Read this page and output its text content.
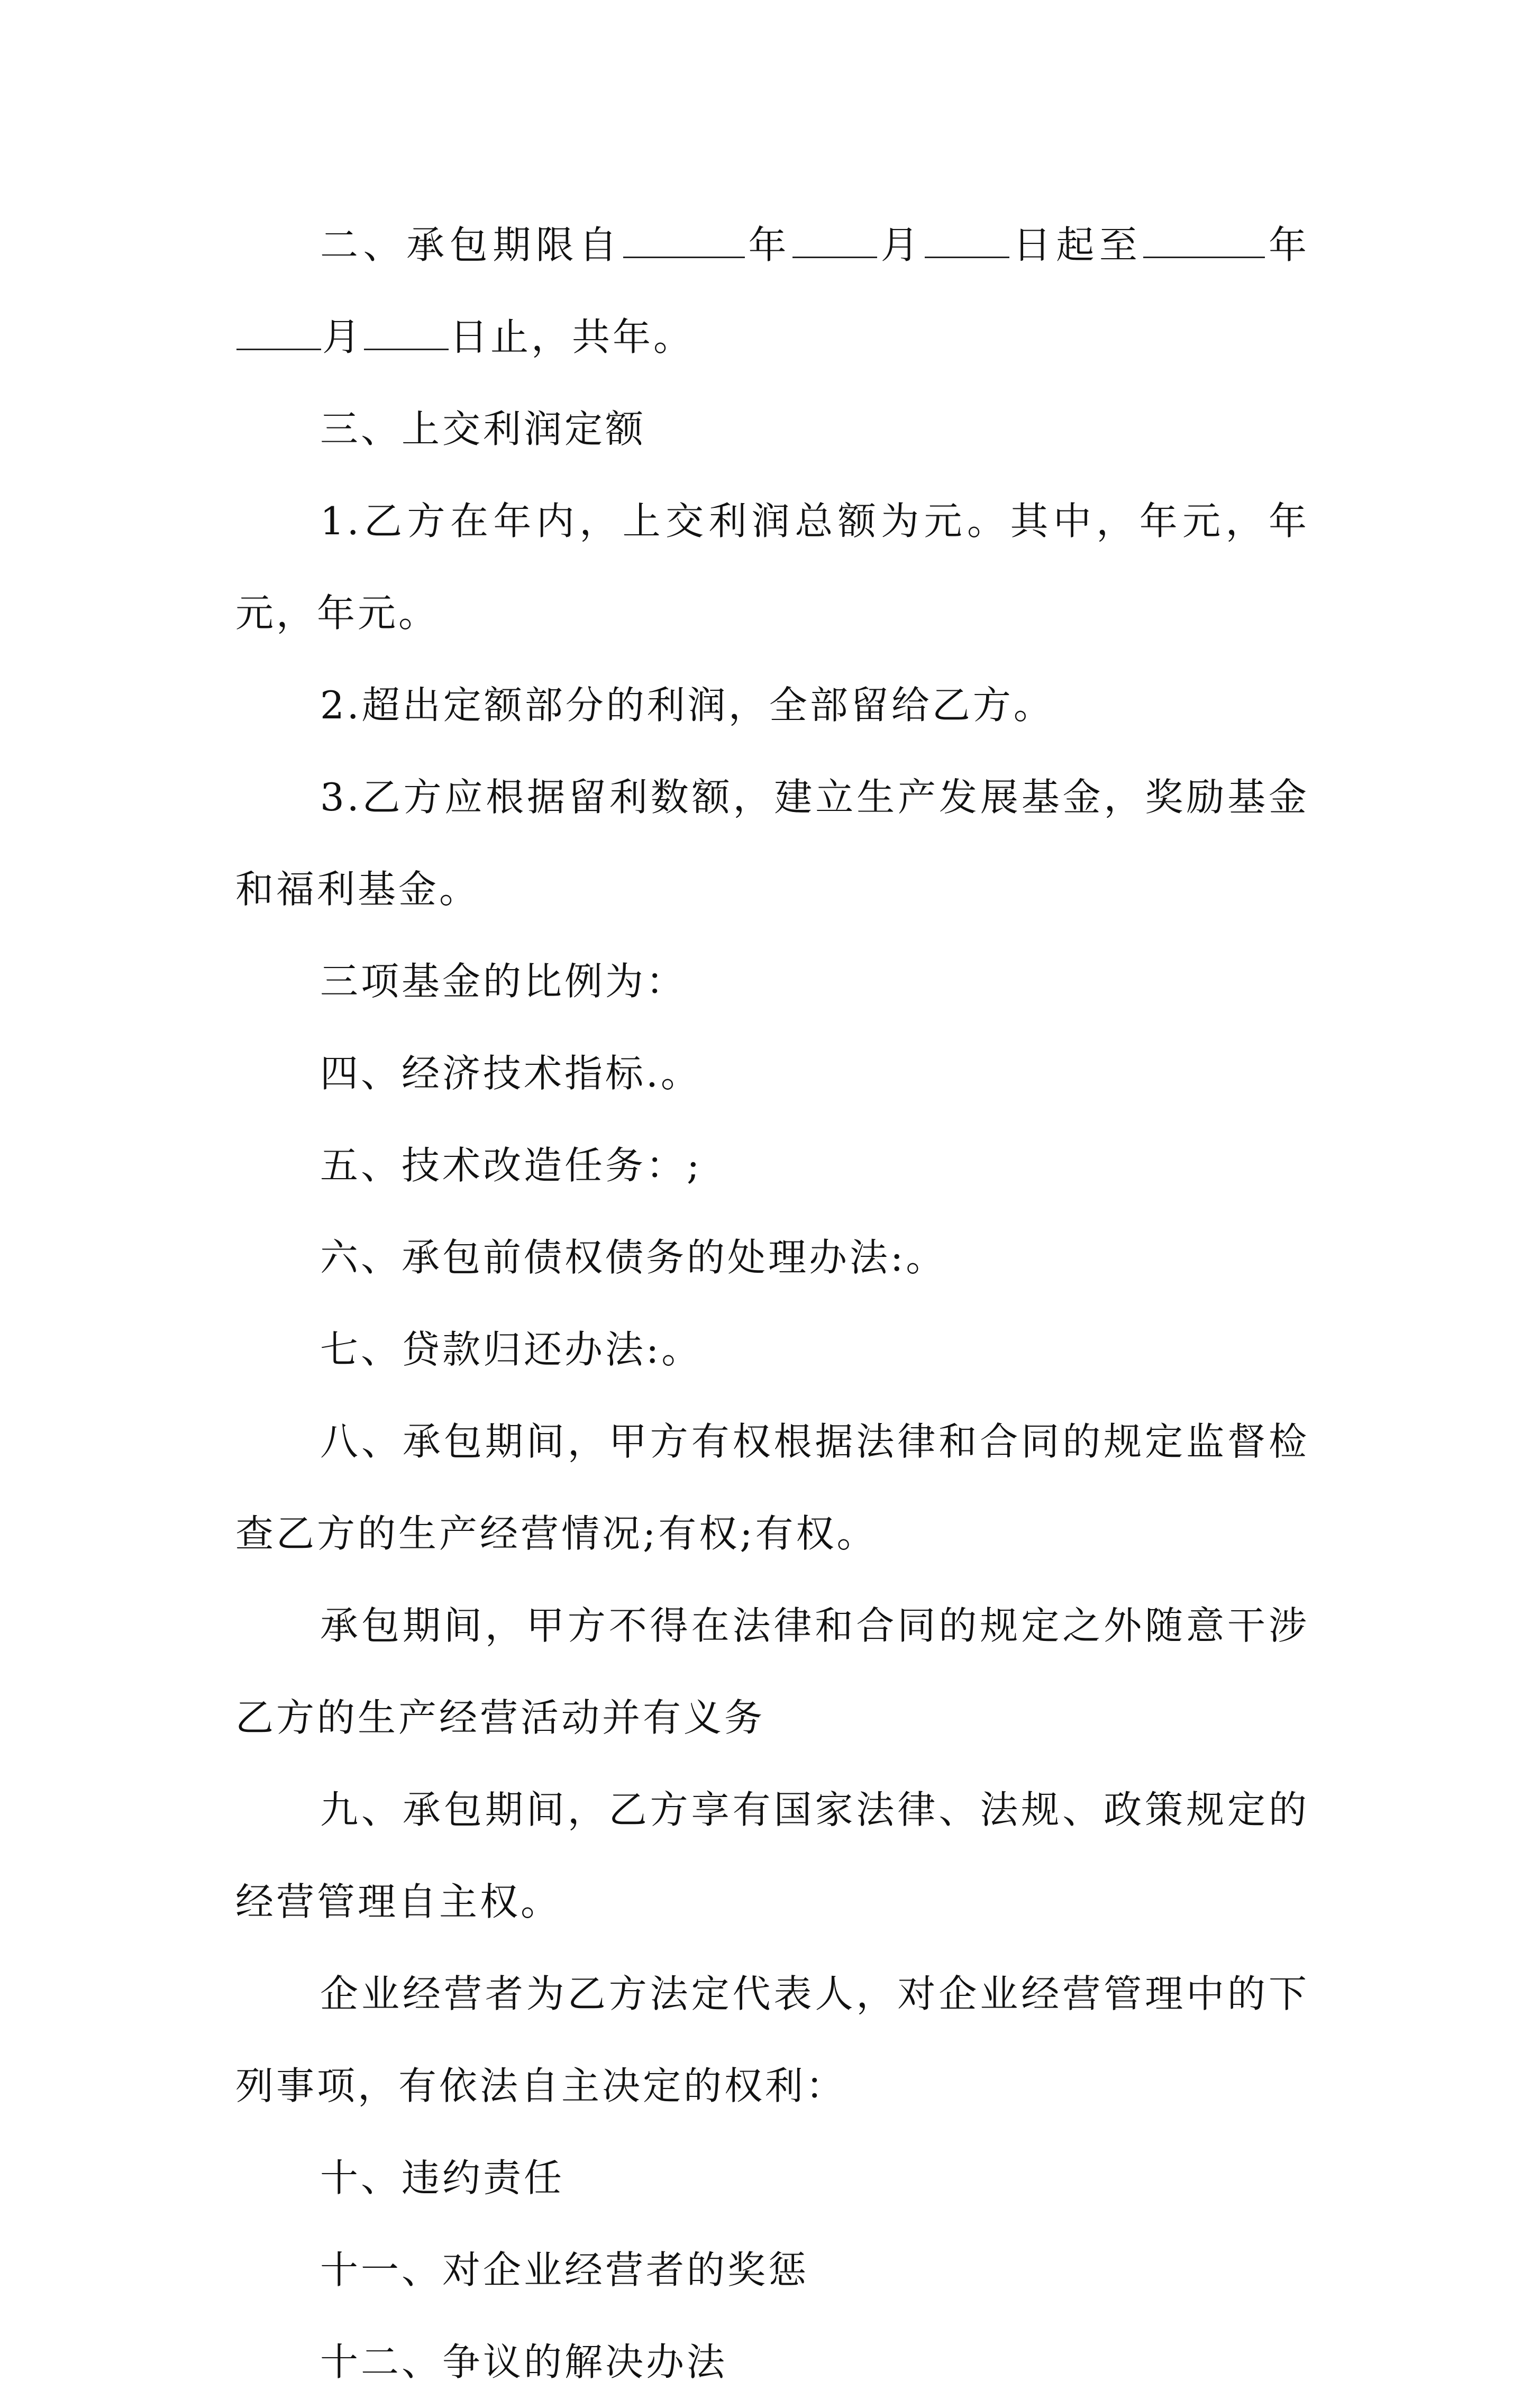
二、承包期限自	年 月 日起至	年月 日止，共年。

三、上交利润定额

1.乙方在年内，上交利润总额为元。其中，年元，年元，年元。

2.超出定额部分的利润，全部留给乙方。

3.乙方应根据留利数额，建立生产发展基金，奖励基金和福利基金。

三项基金的比例为：

四、经济技术指标.。

五、技术改造任务：;

六、承包前债权债务的处理办法:。

七、贷款归还办法:。

八、承包期间，甲方有权根据法律和合同的规定监督检查乙方的生产经营情况;有权;有权。

承包期间，甲方不得在法律和合同的规定之外随意干涉乙方的生产经营活动并有义务

九、承包期间，乙方享有国家法律、法规、政策规定的经营管理自主权。

企业经营者为乙方法定代表人，对企业经营管理中的下列事项，有依法自主决定的权利：

十、违约责任

十一、对企业经营者的奖惩

十二、争议的解决办法
